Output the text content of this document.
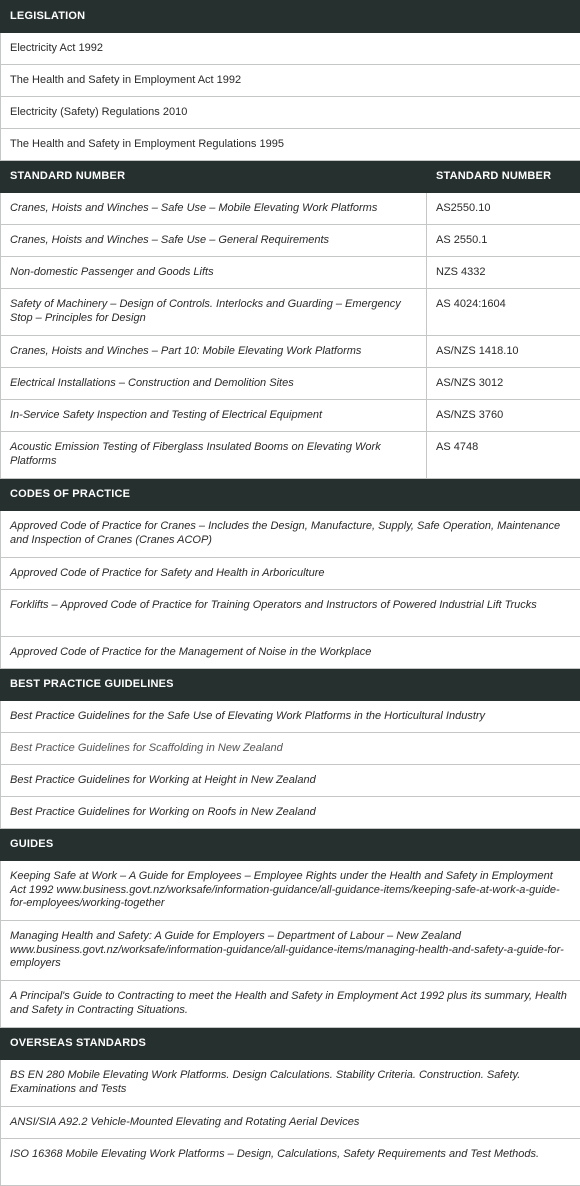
LEGISLATION	
Electricity Act 1992	
The Health and Safety in Employment Act 1992	
Electricity (Safety) Regulations 2010	
The Health and Safety in Employment Regulations 1995	
STANDARD NUMBER	STANDARD NUMBER
Cranes, Hoists and Winches – Safe Use – Mobile Elevating Work Platforms	AS2550.10
Cranes, Hoists and Winches – Safe Use – General Requirements	AS 2550.1
Non-domestic Passenger and Goods Lifts	NZS 4332
Safety of Machinery – Design of Controls. Interlocks and Guarding – Emergency Stop – Principles for Design	AS 4024:1604
Cranes, Hoists and Winches – Part 10: Mobile Elevating Work Platforms	AS/NZS 1418.10
Electrical Installations – Construction and Demolition Sites	AS/NZS 3012
In-Service Safety Inspection and Testing of Electrical Equipment	AS/NZS 3760
Acoustic Emission Testing of Fiberglass Insulated Booms on Elevating Work Platforms	AS 4748
CODES OF PRACTICE	
Approved Code of Practice for Cranes – Includes the Design, Manufacture, Supply, Safe Operation, Maintenance and Inspection of Cranes (Cranes ACOP)	
Approved Code of Practice for Safety and Health in Arboriculture	
Forklifts – Approved Code of Practice for Training Operators and Instructors of Powered Industrial Lift Trucks	
Approved Code of Practice for the Management of Noise in the Workplace	
BEST PRACTICE GUIDELINES	
Best Practice Guidelines for the Safe Use of Elevating Work Platforms in the Horticultural Industry	
Best Practice Guidelines for Scaffolding in New Zealand	
Best Practice Guidelines for Working at Height in New Zealand	
Best Practice Guidelines for Working on Roofs in New Zealand	
GUIDES	
Keeping Safe at Work – A Guide for Employees – Employee Rights under the Health and Safety in Employment Act 1992 www.business.govt.nz/worksafe/information-guidance/all-guidance-items/keeping-safe-at-work-a-guide-for-employees/working-together	
Managing Health and Safety: A Guide for Employers – Department of Labour – New Zealand www.business.govt.nz/worksafe/information-guidance/all-guidance-items/managing-health-and-safety-a-guide-for-employers	
A Principal's Guide to Contracting to meet the Health and Safety in Employment Act 1992 plus its summary, Health and Safety in Contracting Situations.	
OVERSEAS STANDARDS	
BS EN 280 Mobile Elevating Work Platforms. Design Calculations. Stability Criteria. Construction. Safety. Examinations and Tests	
ANSI/SIA A92.2 Vehicle-Mounted Elevating and Rotating Aerial Devices	
ISO 16368 Mobile Elevating Work Platforms – Design, Calculations, Safety Requirements and Test Methods.	
